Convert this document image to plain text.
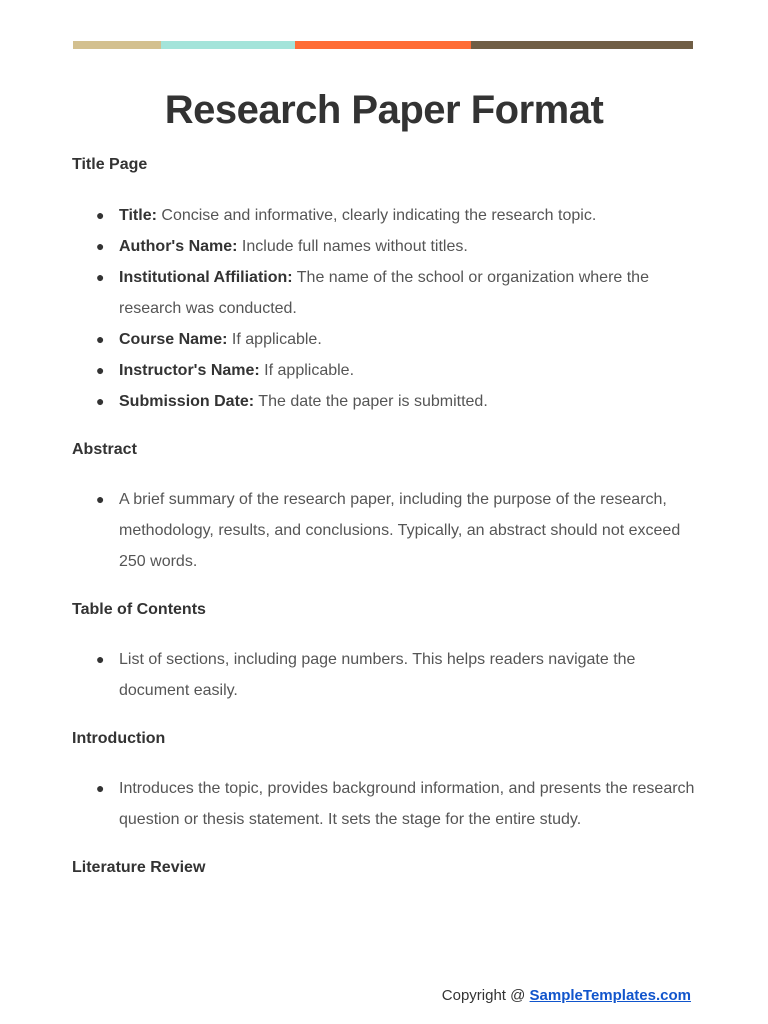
Research Paper Format
Title Page
● Title: Concise and informative, clearly indicating the research topic.
● Author's Name: Include full names without titles.
● Institutional Affiliation: The name of the school or organization where the research was conducted.
● Course Name: If applicable.
● Instructor's Name: If applicable.
● Submission Date: The date the paper is submitted.
Abstract
● A brief summary of the research paper, including the purpose of the research, methodology, results, and conclusions. Typically, an abstract should not exceed 250 words.
Table of Contents
● List of sections, including page numbers. This helps readers navigate the document easily.
Introduction
● Introduces the topic, provides background information, and presents the research question or thesis statement. It sets the stage for the entire study.
Literature Review
Copyright @ SampleTemplates.com
